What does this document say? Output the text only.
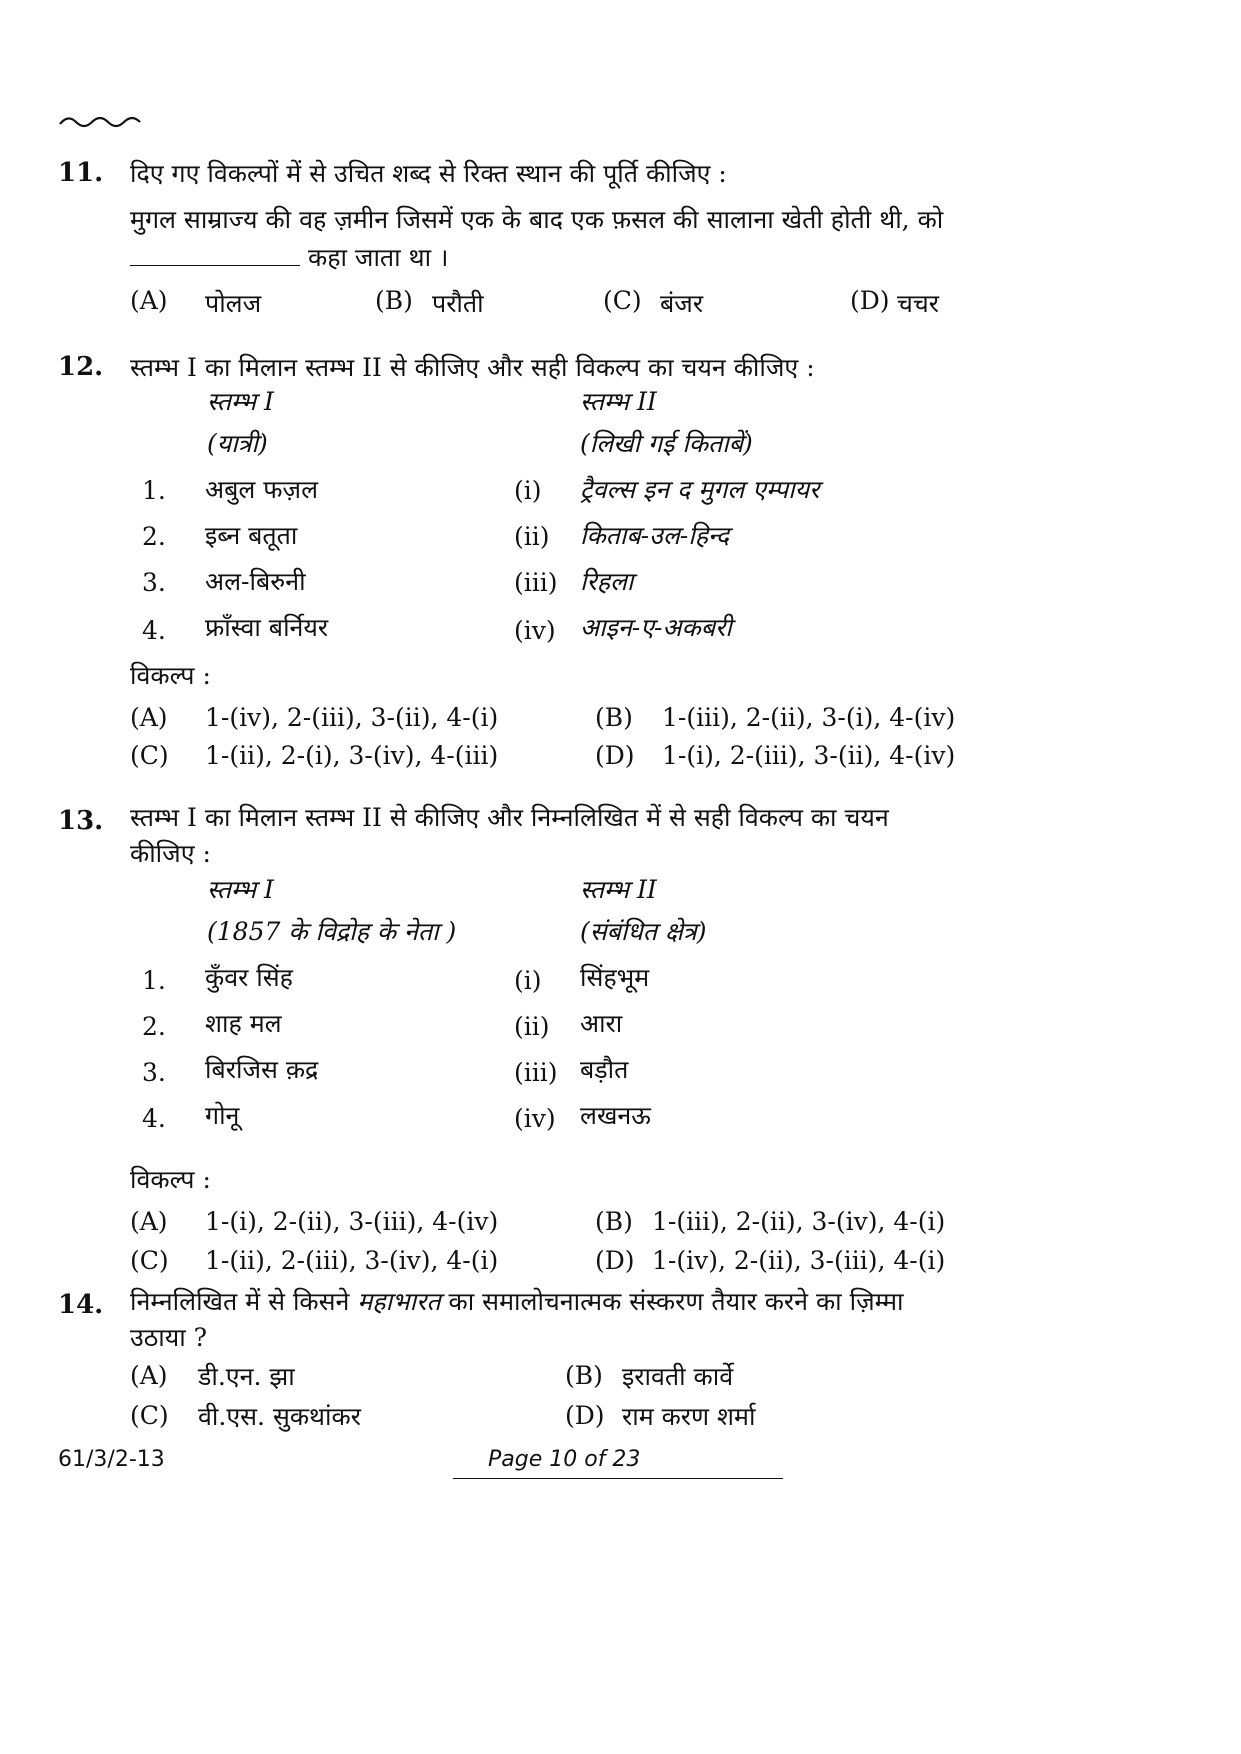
11. दिए गए विकल्पों में से उचित शब्द से रिक्त स्थान की पूर्ति कीजिए :
मुगल साम्राज्य की वह ज़मीन जिसमें एक के बाद एक फ़सल की सालाना खेती होती थी, को
कहा जाता था ।
(A) पोलज	(B) परौती	(C) बंजर	(D) चचर
12. स्तम्भ I का मिलान स्तम्भ II से कीजिए और सही विकल्प का चयन कीजिए :
स्तम्भ I	स्तम्भ II
(यात्री)	(लिखी गई किताबें)
1. अबुल फज़ल	(i) ट्रैवल्स इन द मुगल एम्पायर
2. इब्न बतूता	(ii) किताब-उल-हिन्द
3. अल-बिरुनी	(iii) रिहला
4. फ्राँस्वा बर्नियर	(iv) आइन-ए-अकबरी
विकल्प :
(A) 1-(iv), 2-(iii), 3-(ii), 4-(i)	(B) 1-(iii), 2-(ii), 3-(i), 4-(iv)
(C) 1-(ii), 2-(i), 3-(iv), 4-(iii)	(D) 1-(i), 2-(iii), 3-(ii), 4-(iv)
13. स्तम्भ I का मिलान स्तम्भ II से कीजिए और निम्नलिखित में से सही विकल्प का चयन
कीजिए :
स्तम्भ I	स्तम्भ II
(1857 के विद्रोह के नेता )	(संबंधित क्षेत्र)
1. कुँवर सिंह	(i) सिंहभूम
2. शाह मल	(ii) आरा
3. बिरजिस क़द्र	(iii) बड़ौत
4. गोनू	(iv) लखनऊ
विकल्प :
(A) 1-(i), 2-(ii), 3-(iii), 4-(iv)	(B) 1-(iii), 2-(ii), 3-(iv), 4-(i)
(C) 1-(ii), 2-(iii), 3-(iv), 4-(i)	(D) 1-(iv), 2-(ii), 3-(iii), 4-(i)
14. निम्नलिखित में से किसने महाभारत का समालोचनात्मक संस्करण तैयार करने का ज़िम्मा
उठाया ?
(A) डी.एन. झा	(B) इरावती कार्वे
(C) वी.एस. सुकथांकर	(D) राम करण शर्मा
61/3/2-13	Page 10 of 23
